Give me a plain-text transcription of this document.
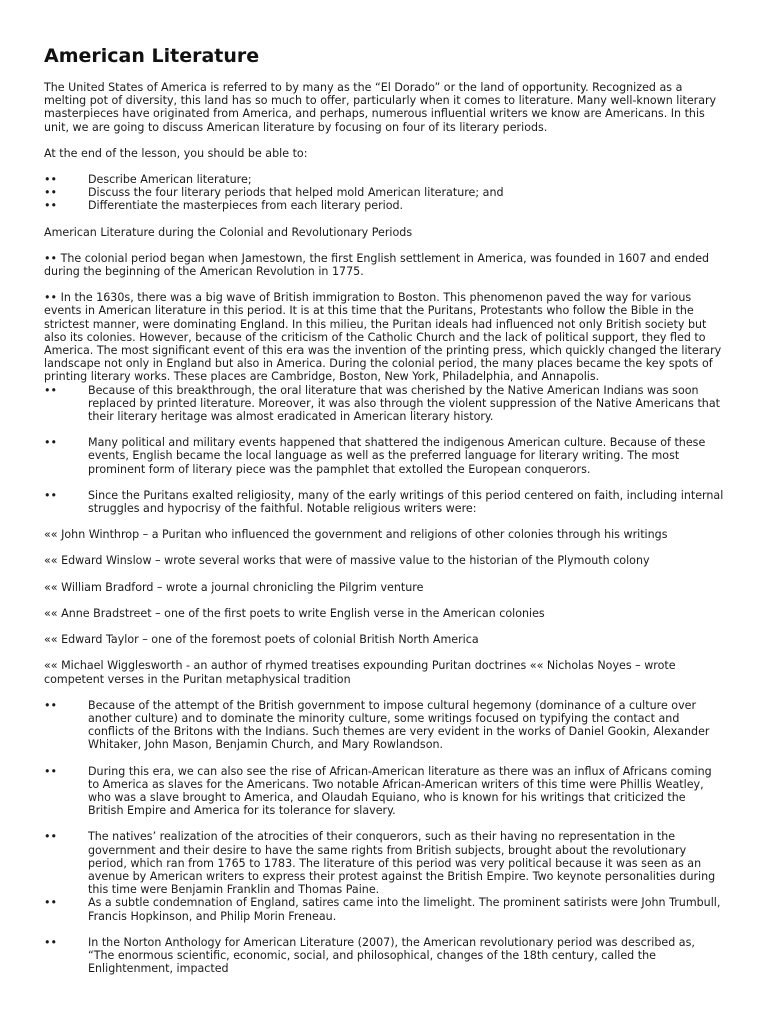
American Literature

The United States of America is referred to by many as the “El Dorado” or the land of opportunity. Recognized as a melting pot of diversity, this land has so much to offer, particularly when it comes to literature. Many well-known literary masterpieces have originated from America, and perhaps, numerous influential writers we know are Americans. In this unit, we are going to discuss American literature by focusing on four of its literary periods.

At the end of the lesson, you should be able to:

••	Describe American literature;
••	Discuss the four literary periods that helped mold American literature; and
••	Differentiate the masterpieces from each literary period.

American Literature during the Colonial and Revolutionary Periods

•• The colonial period began when Jamestown, the first English settlement in America, was founded in 1607 and ended during the beginning of the American Revolution in 1775.

•• In the 1630s, there was a big wave of British immigration to Boston. This phenomenon paved the way for various events in American literature in this period. It is at this time that the Puritans, Protestants who follow the Bible in the strictest manner, were dominating England. In this milieu, the Puritan ideals had influenced not only British society but also its colonies. However, because of the criticism of the Catholic Church and the lack of political support, they fled to America. The most significant event of this era was the invention of the printing press, which quickly changed the literary landscape not only in England but also in America. During the colonial period, the many places became the key spots of printing literary works. These places are Cambridge, Boston, New York, Philadelphia, and Annapolis.

••	Because of this breakthrough, the oral literature that was cherished by the Native American Indians was soon replaced by printed literature. Moreover, it was also through the violent suppression of the Native Americans that their literary heritage was almost eradicated in American literary history.

••	Many political and military events happened that shattered the indigenous American culture. Because of these events, English became the local language as well as the preferred language for literary writing. The most prominent form of literary piece was the pamphlet that extolled the European conquerors.

••	Since the Puritans exalted religiosity, many of the early writings of this period centered on faith, including internal struggles and hypocrisy of the faithful. Notable religious writers were:

«« John Winthrop – a Puritan who influenced the government and religions of other colonies through his writings

«« Edward Winslow – wrote several works that were of massive value to the historian of the Plymouth colony

«« William Bradford – wrote a journal chronicling the Pilgrim venture

«« Anne Bradstreet – one of the first poets to write English verse in the American colonies

«« Edward Taylor – one of the foremost poets of colonial British North America

«« Michael Wigglesworth - an author of rhymed treatises expounding Puritan doctrines «« Nicholas Noyes – wrote competent verses in the Puritan metaphysical tradition

••	Because of the attempt of the British government to impose cultural hegemony (dominance of a culture over another culture) and to dominate the minority culture, some writings focused on typifying the contact and conflicts of the Britons with the Indians. Such themes are very evident in the works of Daniel Gookin, Alexander Whitaker, John Mason, Benjamin Church, and Mary Rowlandson.

••	During this era, we can also see the rise of African-American literature as there was an influx of Africans coming to America as slaves for the Americans. Two notable African-American writers of this time were Phillis Weatley, who was a slave brought to America, and Olaudah Equiano, who is known for his writings that criticized the British Empire and America for its tolerance for slavery.

••	The natives’ realization of the atrocities of their conquerors, such as their having no representation in the government and their desire to have the same rights from British subjects, brought about the revolutionary period, which ran from 1765 to 1783. The literature of this period was very political because it was seen as an avenue by American writers to express their protest against the British Empire. Two keynote personalities during this time were Benjamin Franklin and Thomas Paine.

••	As a subtle condemnation of England, satires came into the limelight. The prominent satirists were John Trumbull, Francis Hopkinson, and Philip Morin Freneau.

••	In the Norton Anthology for American Literature (2007), the American revolutionary period was described as, “The enormous scientific, economic, social, and philosophical, changes of the 18th century, called the Enlightenment, impacted
